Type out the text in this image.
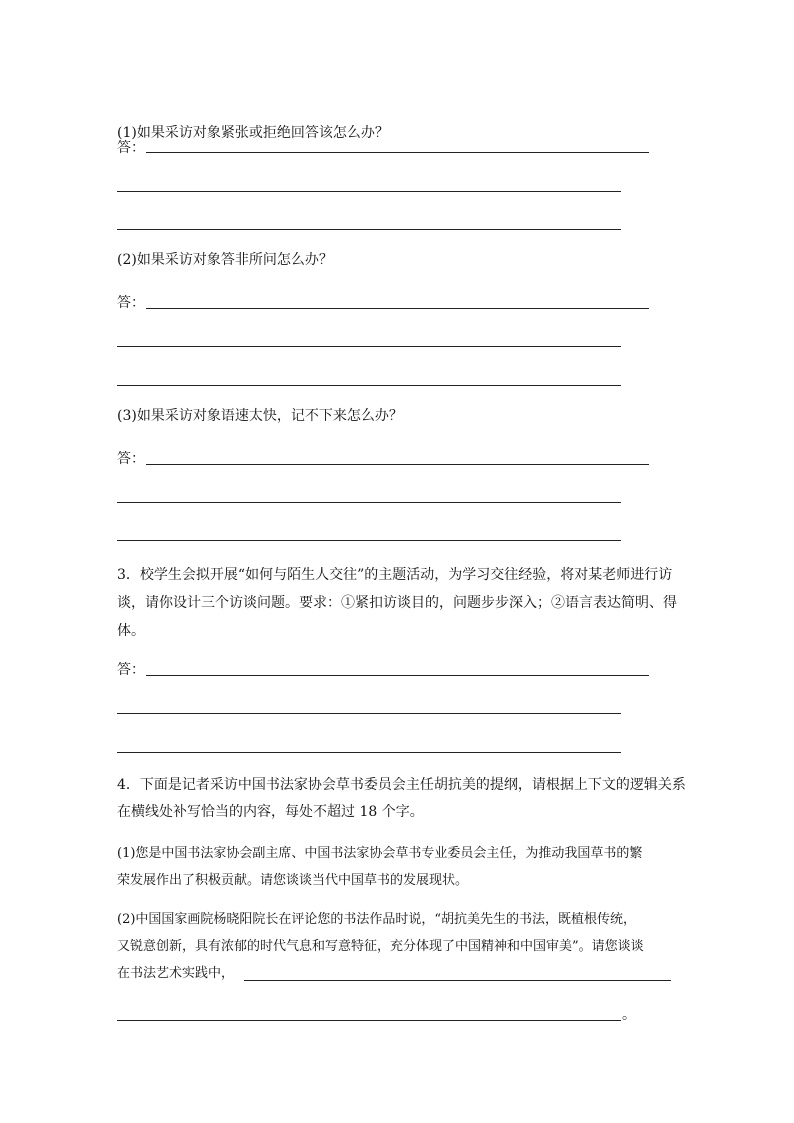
(1)如果采访对象紧张或拒绝回答该怎么办？
答：
(2)如果采访对象答非所问怎么办？
答：
(3)如果采访对象语速太快，记不下来怎么办？
答：
3．校学生会拟开展“如何与陌生人交往”的主题活动，为学习交往经验，将对某老师进行访
谈，请你设计三个访谈问题。要求：①紧扣访谈目的，问题步步深入；②语言表达简明、得
体。
答：
4．下面是记者采访中国书法家协会草书委员会主任胡抗美的提纲，请根据上下文的逻辑关系
在横线处补写恰当的内容，每处不超过 18 个字。
(1)您是中国书法家协会副主席、中国书法家协会草书专业委员会主任，为推动我国草书的繁
荣发展作出了积极贡献。请您谈谈当代中国草书的发展现状。
(2)中国国家画院杨晓阳院长在评论您的书法作品时说，“胡抗美先生的书法，既植根传统，
又锐意创新，具有浓郁的时代气息和写意特征，充分体现了中国精神和中国审美”。请您谈谈
在书法艺术实践中，
。
